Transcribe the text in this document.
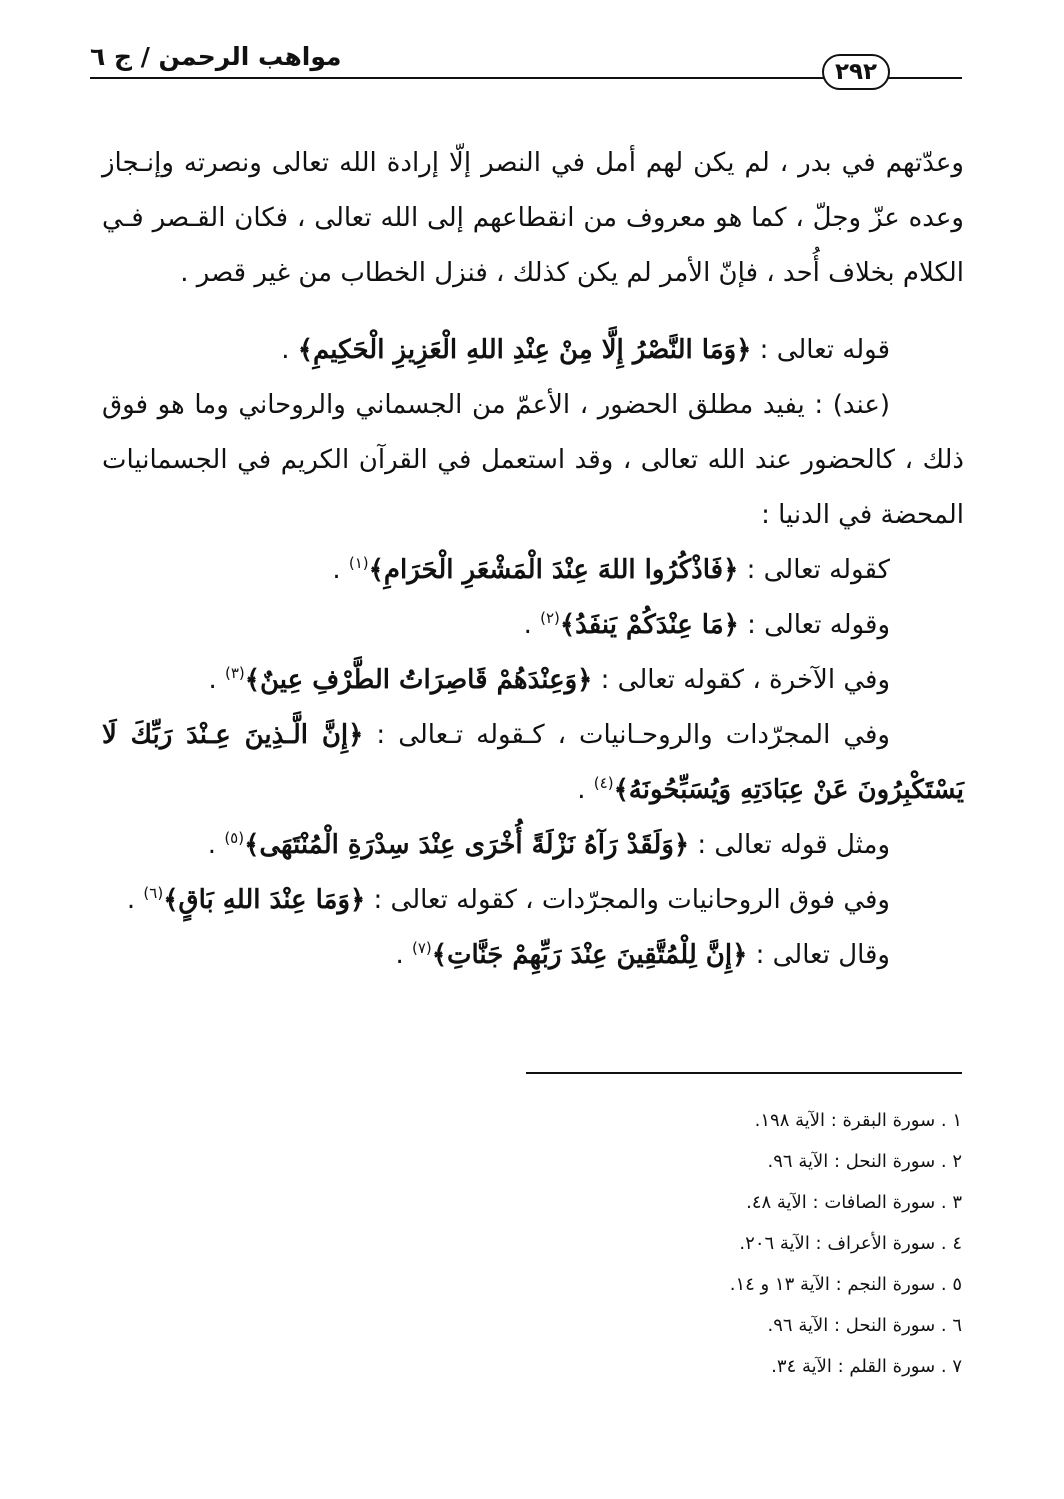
٢٩٢
مواهب الرحمن / ج ٦
وعدّتهم في بدر ، لم يكن لهم أمل في النصر إلّا إرادة الله تعالى ونصرته وإنـجاز
وعده عزّ وجلّ ، كما هو معروف من انقطاعهم إلى الله تعالى ، فكان القـصر فـي
الكلام بخلاف أُحد ، فإنّ الأمر لم يكن كذلك ، فنزل الخطاب من غير قصر .
قوله تعالى : ﴿وَمَا النَّصْرُ إِلَّا مِنْ عِنْدِ اللهِ الْعَزِيزِ الْحَكِيمِ﴾ .
(عند) : يفيد مطلق الحضور ، الأعمّ من الجسماني والروحاني وما هو فوق
ذلك ، كالحضور عند الله تعالى ، وقد استعمل في القرآن الكريم في الجسمانيات
المحضة في الدنيا :
كقوله تعالى : ﴿فَاذْكُرُوا اللهَ عِنْدَ الْمَشْعَرِ الْحَرَامِ﴾$^{(١)}$ .
وقوله تعالى : ﴿مَا عِنْدَكُمْ يَنفَدُ﴾$^{(٢)}$ .
وفي الآخرة ، كقوله تعالى : ﴿وَعِنْدَهُمْ قَاصِرَاتُ الطَّرْفِ عِينٌ﴾$^{(٣)}$ .
وفي المجرّدات والروحـانيات ، كـقوله تـعالى : ﴿إِنَّ الَّـذِينَ عِـنْدَ رَبِّكَ لَا
يَسْتَكْبِرُونَ عَنْ عِبَادَتِهِ وَيُسَبِّحُونَهُ﴾$^{(٤)}$ .
ومثل قوله تعالى : ﴿وَلَقَدْ رَآهُ نَزْلَةً أُخْرَى عِنْدَ سِدْرَةِ الْمُنْتَهَى﴾$^{(٥)}$ .
وفي فوق الروحانيات والمجرّدات ، كقوله تعالى : ﴿وَمَا عِنْدَ اللهِ بَاقٍ﴾$^{(٦)}$ .
وقال تعالى : ﴿إِنَّ لِلْمُتَّقِينَ عِنْدَ رَبِّهِمْ جَنَّاتِ﴾$^{(٧)}$ .
١ . سورة البقرة : الآية ١٩٨.
٢ . سورة النحل : الآية ٩٦.
٣ . سورة الصافات : الآية ٤٨.
٤ . سورة الأعراف : الآية ٢٠٦.
٥ . سورة النجم : الآية ١٣ و ١٤.
٦ . سورة النحل : الآية ٩٦.
٧ . سورة القلم : الآية ٣٤.
